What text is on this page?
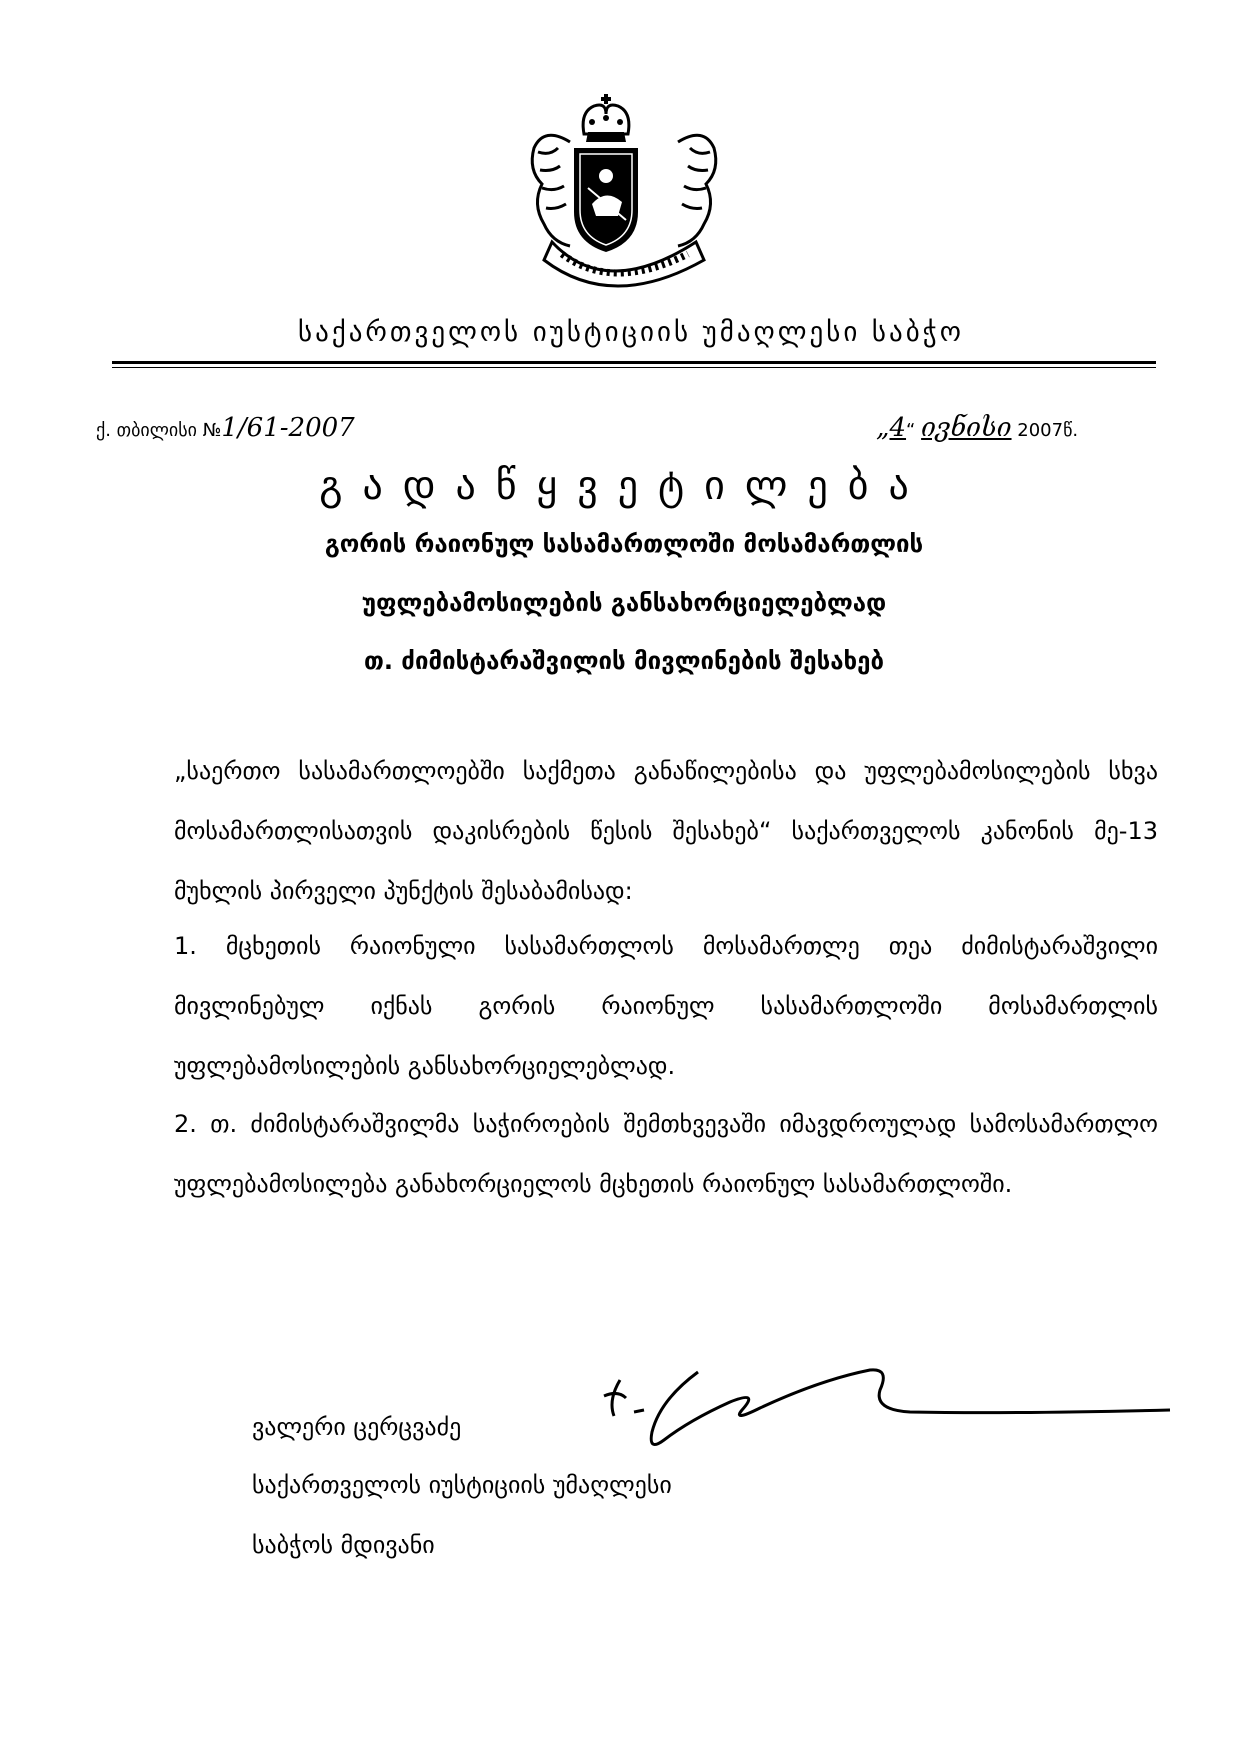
საქართველოს იუსტიციის უმაღლესი საბჭო
ქ. თბილისი №1/61-2007	„4“ ივნისი 2007წ.
გადაწყვეტილება
გორის რაიონულ სასამართლოში მოსამართლის
უფლებამოსილების განსახორციელებლად
თ. ძიმისტარაშვილის მივლინების შესახებ
„საერთო სასამართლოებში საქმეთა განაწილებისა და უფლებამოსილების სხვა მოსამართლისათვის დაკისრების წესის შესახებ“ საქართველოს კანონის მე-13 მუხლის პირველი პუნქტის შესაბამისად:
1. მცხეთის რაიონული სასამართლოს მოსამართლე თეა ძიმისტარაშვილი მივლინებულ იქნას გორის რაიონულ სასამართლოში მოსამართლის უფლებამოსილების განსახორციელებლად.
2. თ. ძიმისტარაშვილმა საჭიროების შემთხვევაში იმავდროულად სამოსამართლო უფლებამოსილება განახორციელოს მცხეთის რაიონულ სასამართლოში.
ვალერი ცერცვაძე
საქართველოს იუსტიციის უმაღლესი
საბჭოს მდივანი
